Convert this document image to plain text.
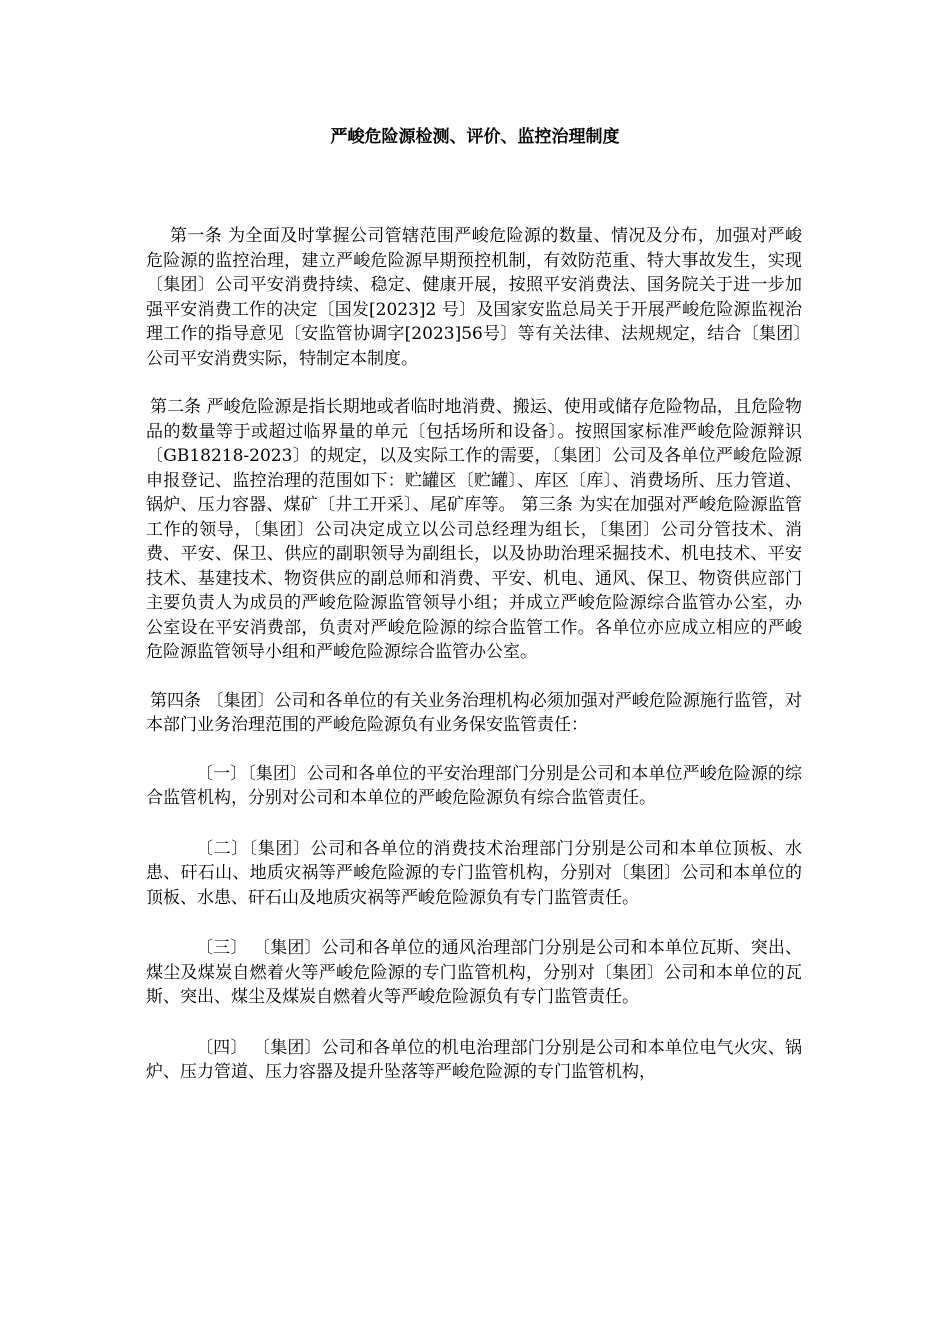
严峻危险源检测、评价、监控治理制度

第一条 为全面及时掌握公司管辖范围严峻危险源的数量、情况及分布，加强对严峻危险源的监控治理，建立严峻危险源早期预控机制，有效防范重、特大事故发生，实现〔集团〕公司平安消费持续、稳定、健康开展，按照平安消费法、国务院关于进一步加强平安消费工作的决定〔国发[2023]2 号〕及国家安监总局关于开展严峻危险源监视治理工作的指导意见〔安监管协调字[2023]56号〕等有关法律、法规规定，结合〔集团〕公司平安消费实际，特制定本制度。

第二条 严峻危险源是指长期地或者临时地消费、搬运、使用或储存危险物品，且危险物品的数量等于或超过临界量的单元〔包括场所和设备〕。按照国家标准严峻危险源辩识〔GB18218-2023〕的规定，以及实际工作的需要，〔集团〕公司及各单位严峻危险源申报登记、监控治理的范围如下：贮罐区〔贮罐〕、库区〔库〕、消费场所、压力管道、锅炉、压力容器、煤矿〔井工开采〕、尾矿库等。 第三条 为实在加强对严峻危险源监管工作的领导，〔集团〕公司决定成立以公司总经理为组长，〔集团〕公司分管技术、消费、平安、保卫、供应的副职领导为副组长，以及协助治理采掘技术、机电技术、平安技术、基建技术、物资供应的副总师和消费、平安、机电、通风、保卫、物资供应部门主要负责人为成员的严峻危险源监管领导小组；并成立严峻危险源综合监管办公室，办公室设在平安消费部，负责对严峻危险源的综合监管工作。各单位亦应成立相应的严峻危险源监管领导小组和严峻危险源综合监管办公室。

第四条 〔集团〕公司和各单位的有关业务治理机构必须加强对严峻危险源施行监管，对本部门业务治理范围的严峻危险源负有业务保安监管责任：

〔一〕〔集团〕公司和各单位的平安治理部门分别是公司和本单位严峻危险源的综合监管机构，分别对公司和本单位的严峻危险源负有综合监管责任。

〔二〕〔集团〕公司和各单位的消费技术治理部门分别是公司和本单位顶板、水患、矸石山、地质灾祸等严峻危险源的专门监管机构，分别对〔集团〕公司和本单位的顶板、水患、矸石山及地质灾祸等严峻危险源负有专门监管责任。

〔三〕 〔集团〕公司和各单位的通风治理部门分别是公司和本单位瓦斯、突出、煤尘及煤炭自燃着火等严峻危险源的专门监管机构，分别对〔集团〕公司和本单位的瓦斯、突出、煤尘及煤炭自燃着火等严峻危险源负有专门监管责任。

〔四〕 〔集团〕公司和各单位的机电治理部门分别是公司和本单位电气火灾、锅炉、压力管道、压力容器及提升坠落等严峻危险源的专门监管机构，
